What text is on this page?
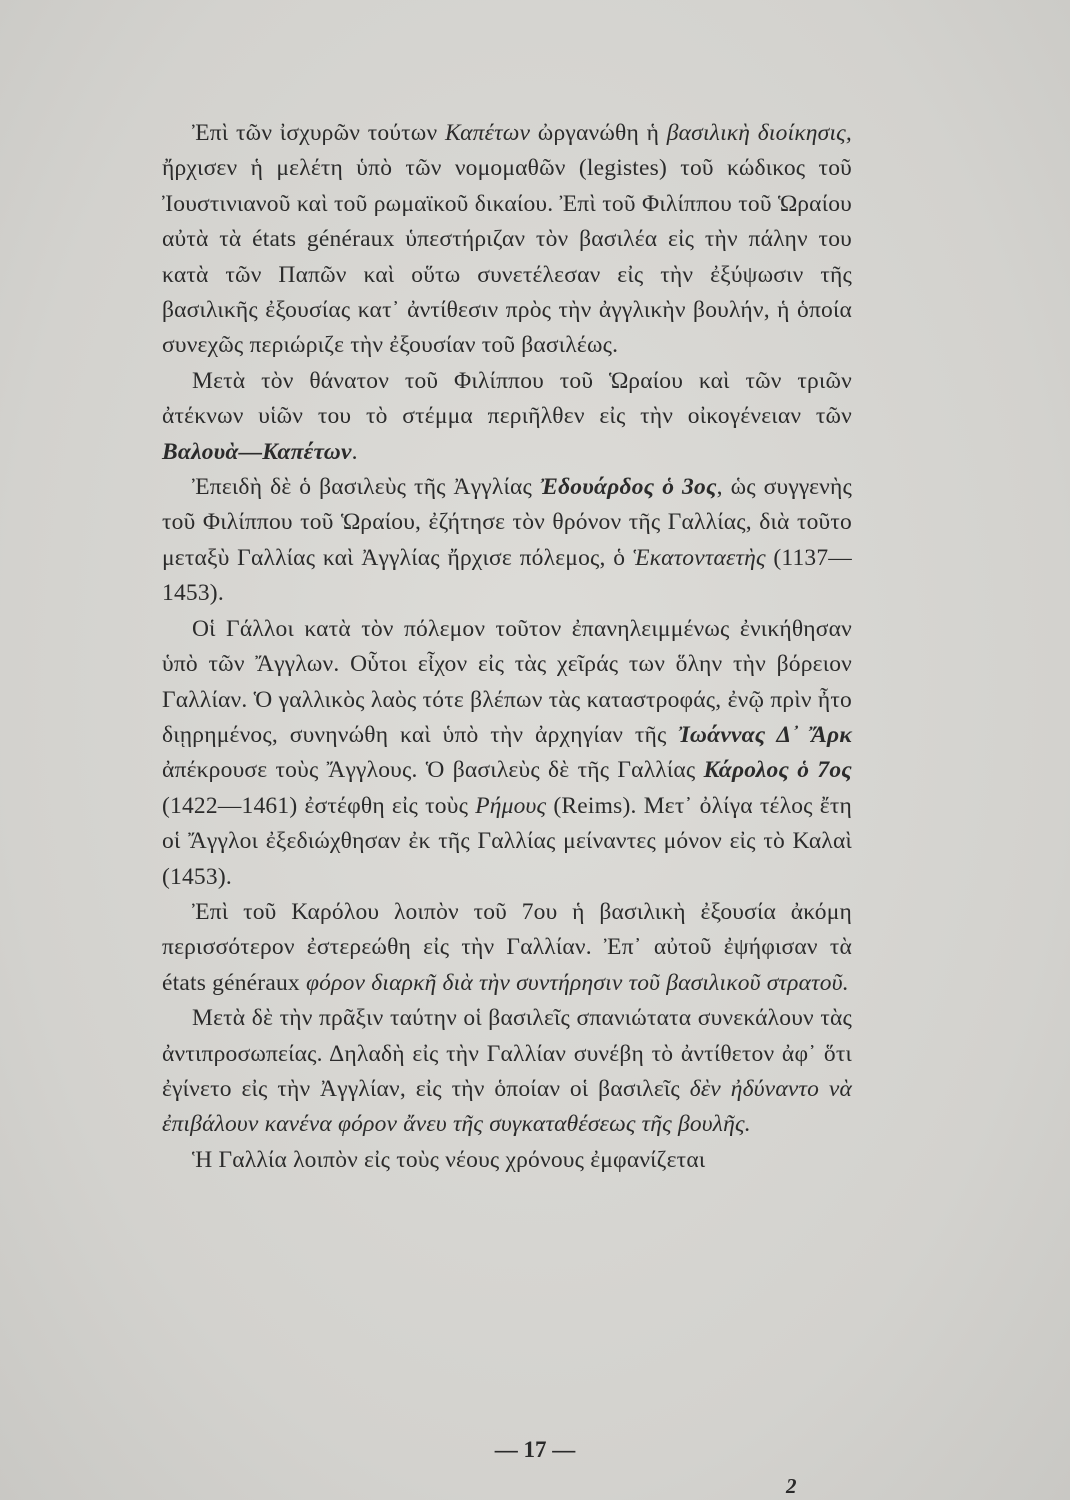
Ἐπὶ τῶν ἰσχυρῶν τούτων Καπέτων ὠργανώθη ἡ βασιλικὴ διοίκησις, ἤρχισεν ἡ μελέτη ὑπὸ τῶν νομομαθῶν (legistes) τοῦ κώδικος τοῦ Ἰουστινιανοῦ καὶ τοῦ ρωμαϊκοῦ δικαίου. Ἐπὶ τοῦ Φιλίππου τοῦ Ὡραίου αὐτὰ τὰ états généraux ὑπεστήριζαν τὸν βασιλέα εἰς τὴν πάλην του κατὰ τῶν Παπῶν καὶ οὕτω συνετέλεσαν εἰς τὴν ἐξύψωσιν τῆς βασιλικῆς ἐξουσίας κατ᾽ ἀντίθεσιν πρὸς τὴν ἀγγλικὴν βουλήν, ἡ ὁποία συνεχῶς περιώριζε τὴν ἐξουσίαν τοῦ βασιλέως.

Μετὰ τὸν θάνατον τοῦ Φιλίππου τοῦ Ὡραίου καὶ τῶν τριῶν ἀτέκνων υἱῶν του τὸ στέμμα περιῆλθεν εἰς τὴν οἰκογένειαν τῶν Βαλουὰ—Καπέτων.

Ἐπειδὴ δὲ ὁ βασιλεὺς τῆς Ἀγγλίας Ἐδουάρδος ὁ 3ος, ὡς συγγενὴς τοῦ Φιλίππου τοῦ Ὡραίου, ἐζήτησε τὸν θρόνον τῆς Γαλλίας, διὰ τοῦτο μεταξὺ Γαλλίας καὶ Ἀγγλίας ἤρχισε πόλεμος, ὁ Ἑκατονταετὴς (1137—1453).

Οἱ Γάλλοι κατὰ τὸν πόλεμον τοῦτον ἐπανηλειμμένως ἐνικήθησαν ὑπὸ τῶν Ἄγγλων. Οὗτοι εἶχον εἰς τὰς χεῖράς των ὅλην τὴν βόρειον Γαλλίαν. Ὁ γαλλικὸς λαὸς τότε βλέπων τὰς καταστροφάς, ἐνῷ πρὶν ἦτο διῃρημένος, συνηνώθη καὶ ὑπὸ τὴν ἀρχηγίαν τῆς Ἰωάννας Δ᾽ Ἄρκ ἀπέκρουσε τοὺς Ἄγγλους. Ὁ βασιλεὺς δὲ τῆς Γαλλίας Κάρολος ὁ 7ος (1422—1461) ἐστέφθη εἰς τοὺς Ρήμους (Reims). Μετ᾽ ὀλίγα τέλος ἔτη οἱ Ἄγγλοι ἐξεδιώχθησαν ἐκ τῆς Γαλλίας μείναντες μόνον εἰς τὸ Καλαὶ (1453).

Ἐπὶ τοῦ Καρόλου λοιπὸν τοῦ 7ου ἡ βασιλικὴ ἐξουσία ἀκόμη περισσότερον ἐστερεώθη εἰς τὴν Γαλλίαν. Ἐπ᾽ αὐτοῦ ἐψήφισαν τὰ états généraux φόρον διαρκῆ διὰ τὴν συντήρησιν τοῦ βασιλικοῦ στρατοῦ.

Μετὰ δὲ τὴν πρᾶξιν ταύτην οἱ βασιλεῖς σπανιώτατα συνεκάλουν τὰς ἀντιπροσωπείας. Δηλαδὴ εἰς τὴν Γαλλίαν συνέβη τὸ ἀντίθετον ἀφ᾽ ὅτι ἐγίνετο εἰς τὴν Ἀγγλίαν, εἰς τὴν ὁποίαν οἱ βασιλεῖς δὲν ἠδύναντο νὰ ἐπιβάλουν κανένα φόρον ἄνευ τῆς συγκαταθέσεως τῆς βουλῆς.

Ἡ Γαλλία λοιπὸν εἰς τοὺς νέους χρόνους ἐμφανίζεται

— 17 —
2
